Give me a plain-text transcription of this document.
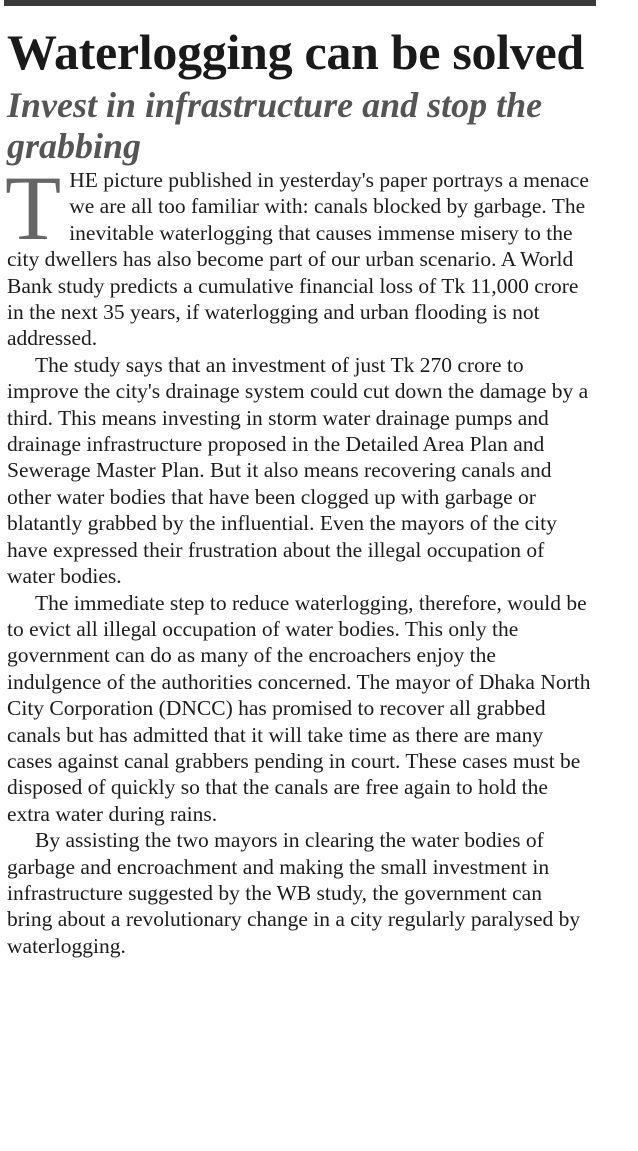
Waterlogging can be solved
Invest in infrastructure and stop the grabbing

THE picture published in yesterday's paper portrays a menace we are all too familiar with: canals blocked by garbage. The inevitable waterlogging that causes immense misery to the city dwellers has also become part of our urban scenario. A World Bank study predicts a cumulative financial loss of Tk 11,000 crore in the next 35 years, if waterlogging and urban flooding is not addressed.

The study says that an investment of just Tk 270 crore to improve the city's drainage system could cut down the damage by a third. This means investing in storm water drainage pumps and drainage infrastructure proposed in the Detailed Area Plan and Sewerage Master Plan. But it also means recovering canals and other water bodies that have been clogged up with garbage or blatantly grabbed by the influential. Even the mayors of the city have expressed their frustration about the illegal occupation of water bodies.

The immediate step to reduce waterlogging, therefore, would be to evict all illegal occupation of water bodies. This only the government can do as many of the encroachers enjoy the indulgence of the authorities concerned. The mayor of Dhaka North City Corporation (DNCC) has promised to recover all grabbed canals but has admitted that it will take time as there are many cases against canal grabbers pending in court. These cases must be disposed of quickly so that the canals are free again to hold the extra water during rains.

By assisting the two mayors in clearing the water bodies of garbage and encroachment and making the small investment in infrastructure suggested by the WB study, the government can bring about a revolutionary change in a city regularly paralysed by waterlogging.
